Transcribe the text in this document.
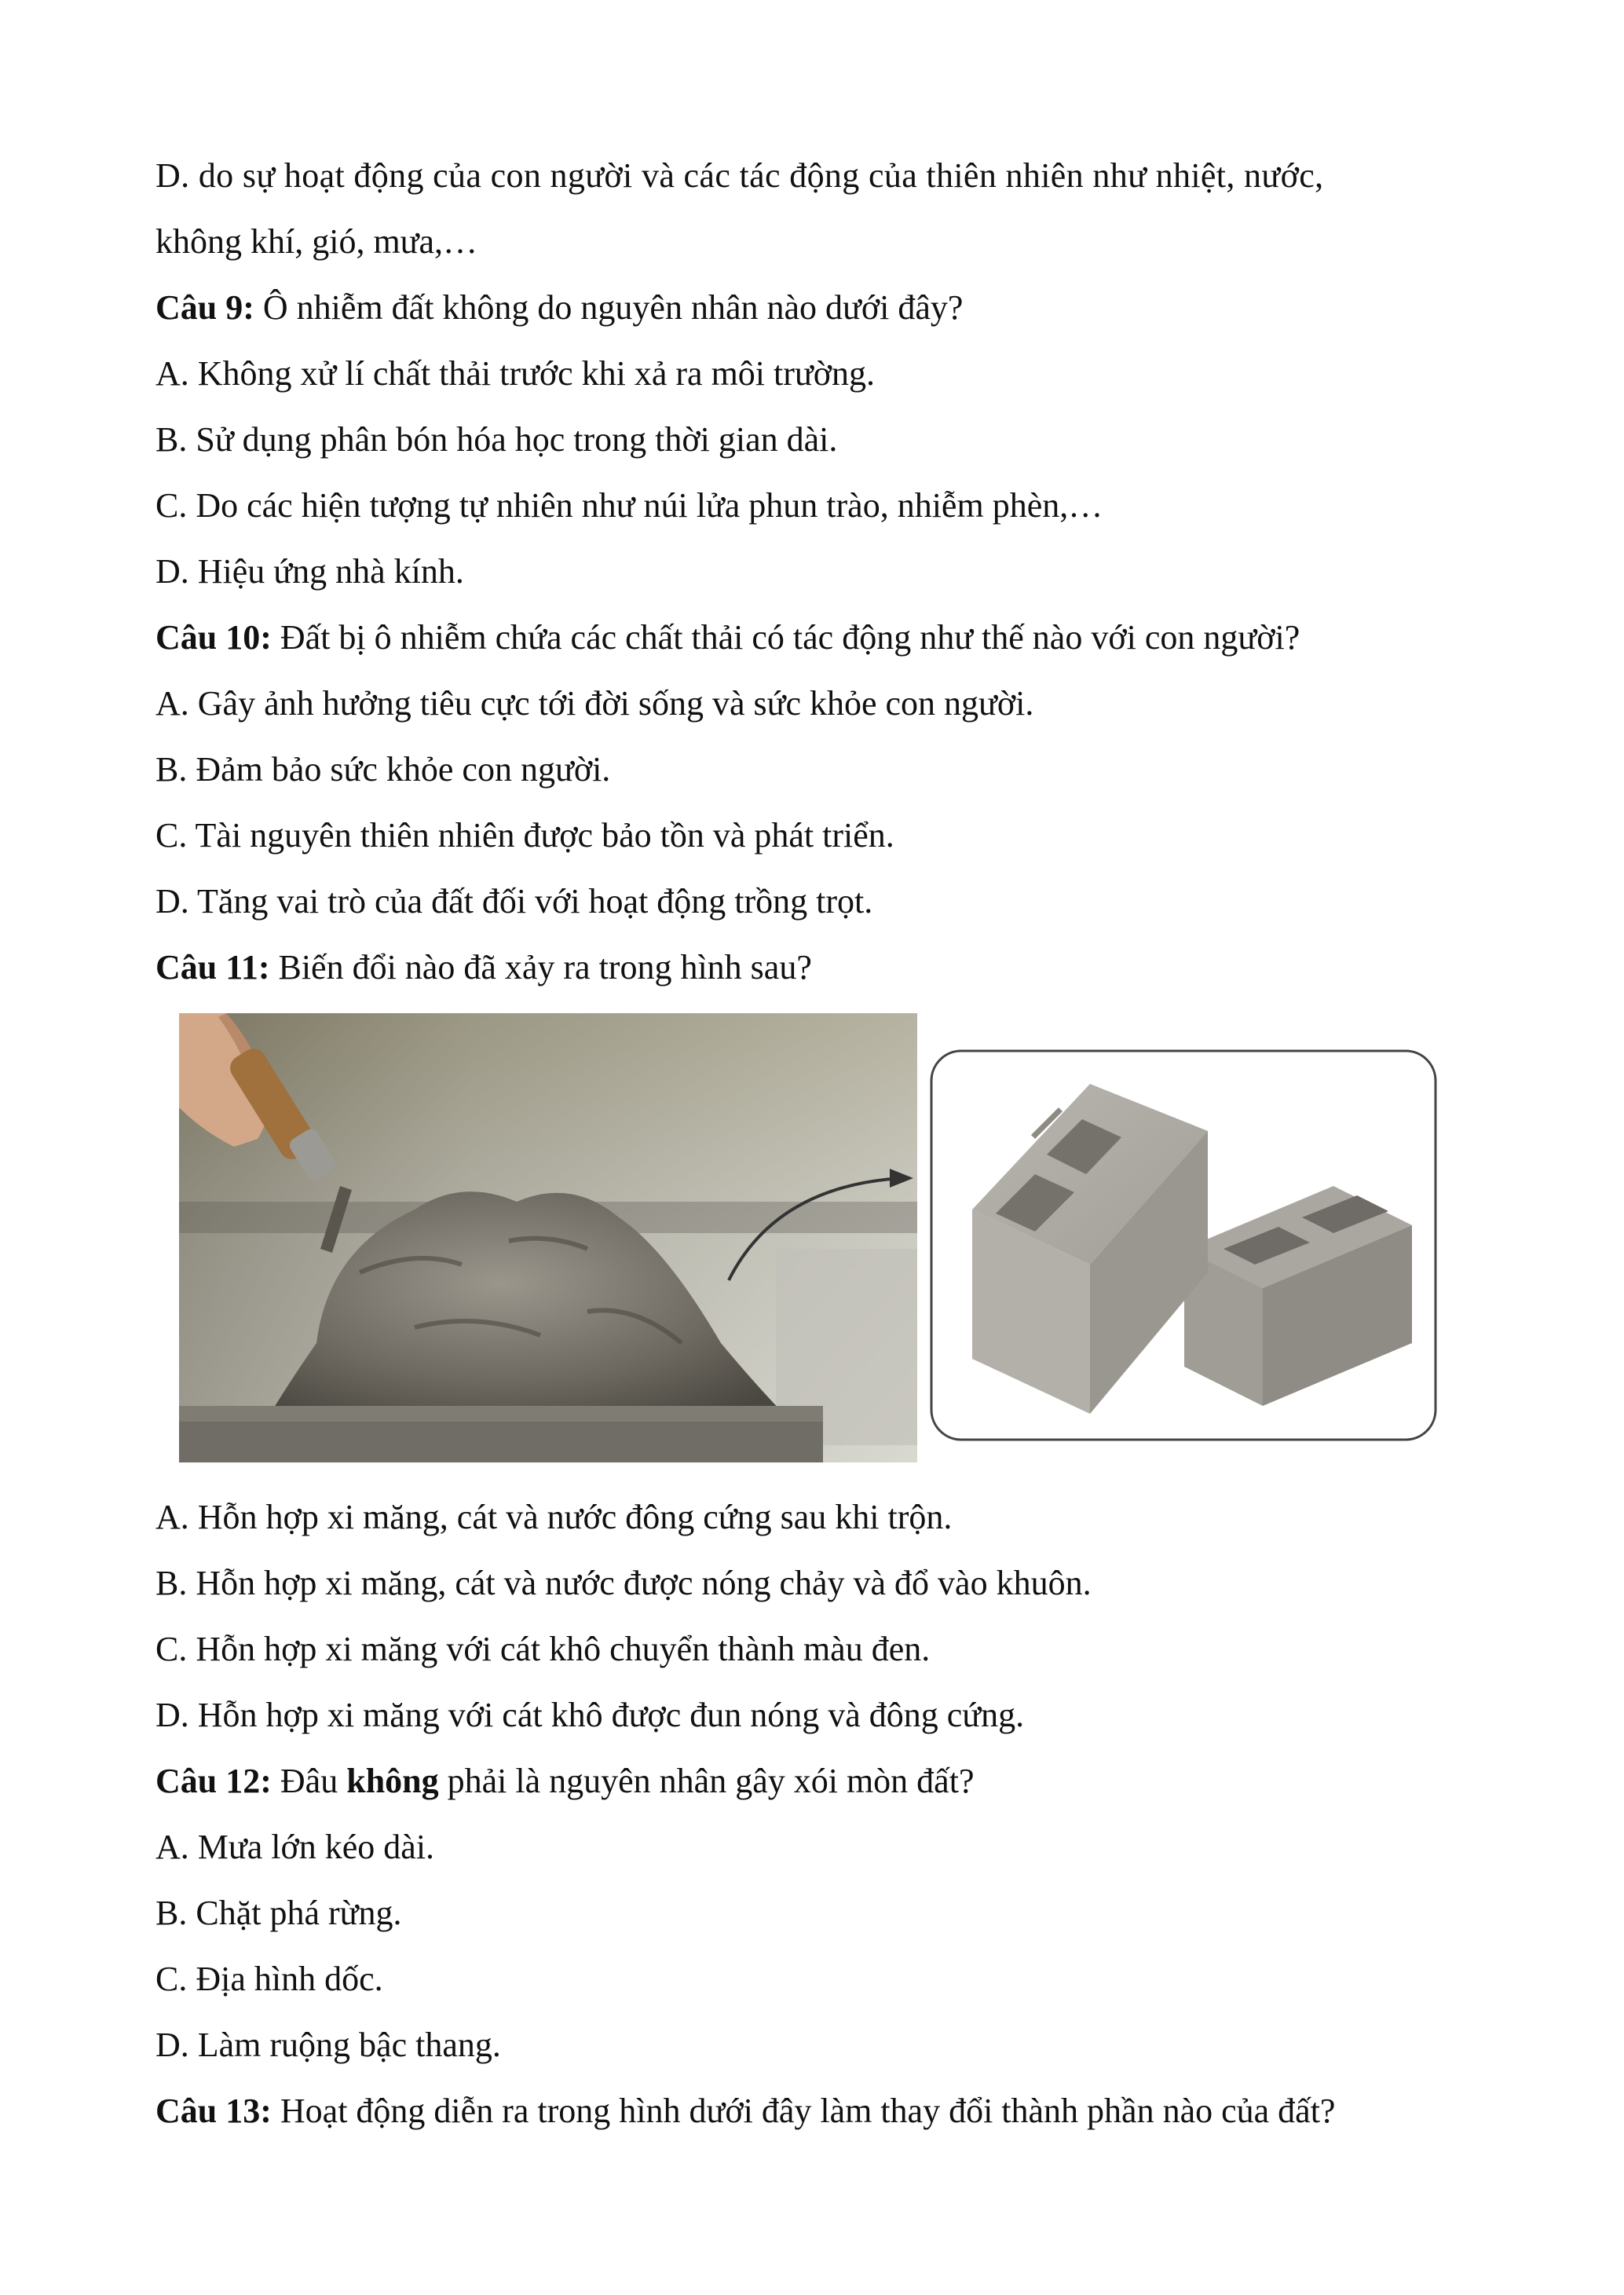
D. do sự hoạt động của con người và các tác động của thiên nhiên như nhiệt, nước,
không khí, gió, mưa,…
Câu 9: Ô nhiễm đất không do nguyên nhân nào dưới đây?
A. Không xử lí chất thải trước khi xả ra môi trường.
B. Sử dụng phân bón hóa học trong thời gian dài.
C. Do các hiện tượng tự nhiên như núi lửa phun trào, nhiễm phèn,…
D. Hiệu ứng nhà kính.
Câu 10: Đất bị ô nhiễm chứa các chất thải có tác động như thế nào với con người?
A. Gây ảnh hưởng tiêu cực tới đời sống và sức khỏe con người.
B. Đảm bảo sức khỏe con người.
C. Tài nguyên thiên nhiên được bảo tồn và phát triển.
D. Tăng vai trò của đất đối với hoạt động trồng trọt.
Câu 11: Biến đổi nào đã xảy ra trong hình sau?
A. Hỗn hợp xi măng, cát và nước đông cứng sau khi trộn.
B. Hỗn hợp xi măng, cát và nước được nóng chảy và đổ vào khuôn.
C. Hỗn hợp xi măng với cát khô chuyển thành màu đen.
D. Hỗn hợp xi măng với cát khô được đun nóng và đông cứng.
Câu 12: Đâu không phải là nguyên nhân gây xói mòn đất?
A. Mưa lớn kéo dài.
B. Chặt phá rừng.
C. Địa hình dốc.
D. Làm ruộng bậc thang.
Câu 13: Hoạt động diễn ra trong hình dưới đây làm thay đổi thành phần nào của đất?
